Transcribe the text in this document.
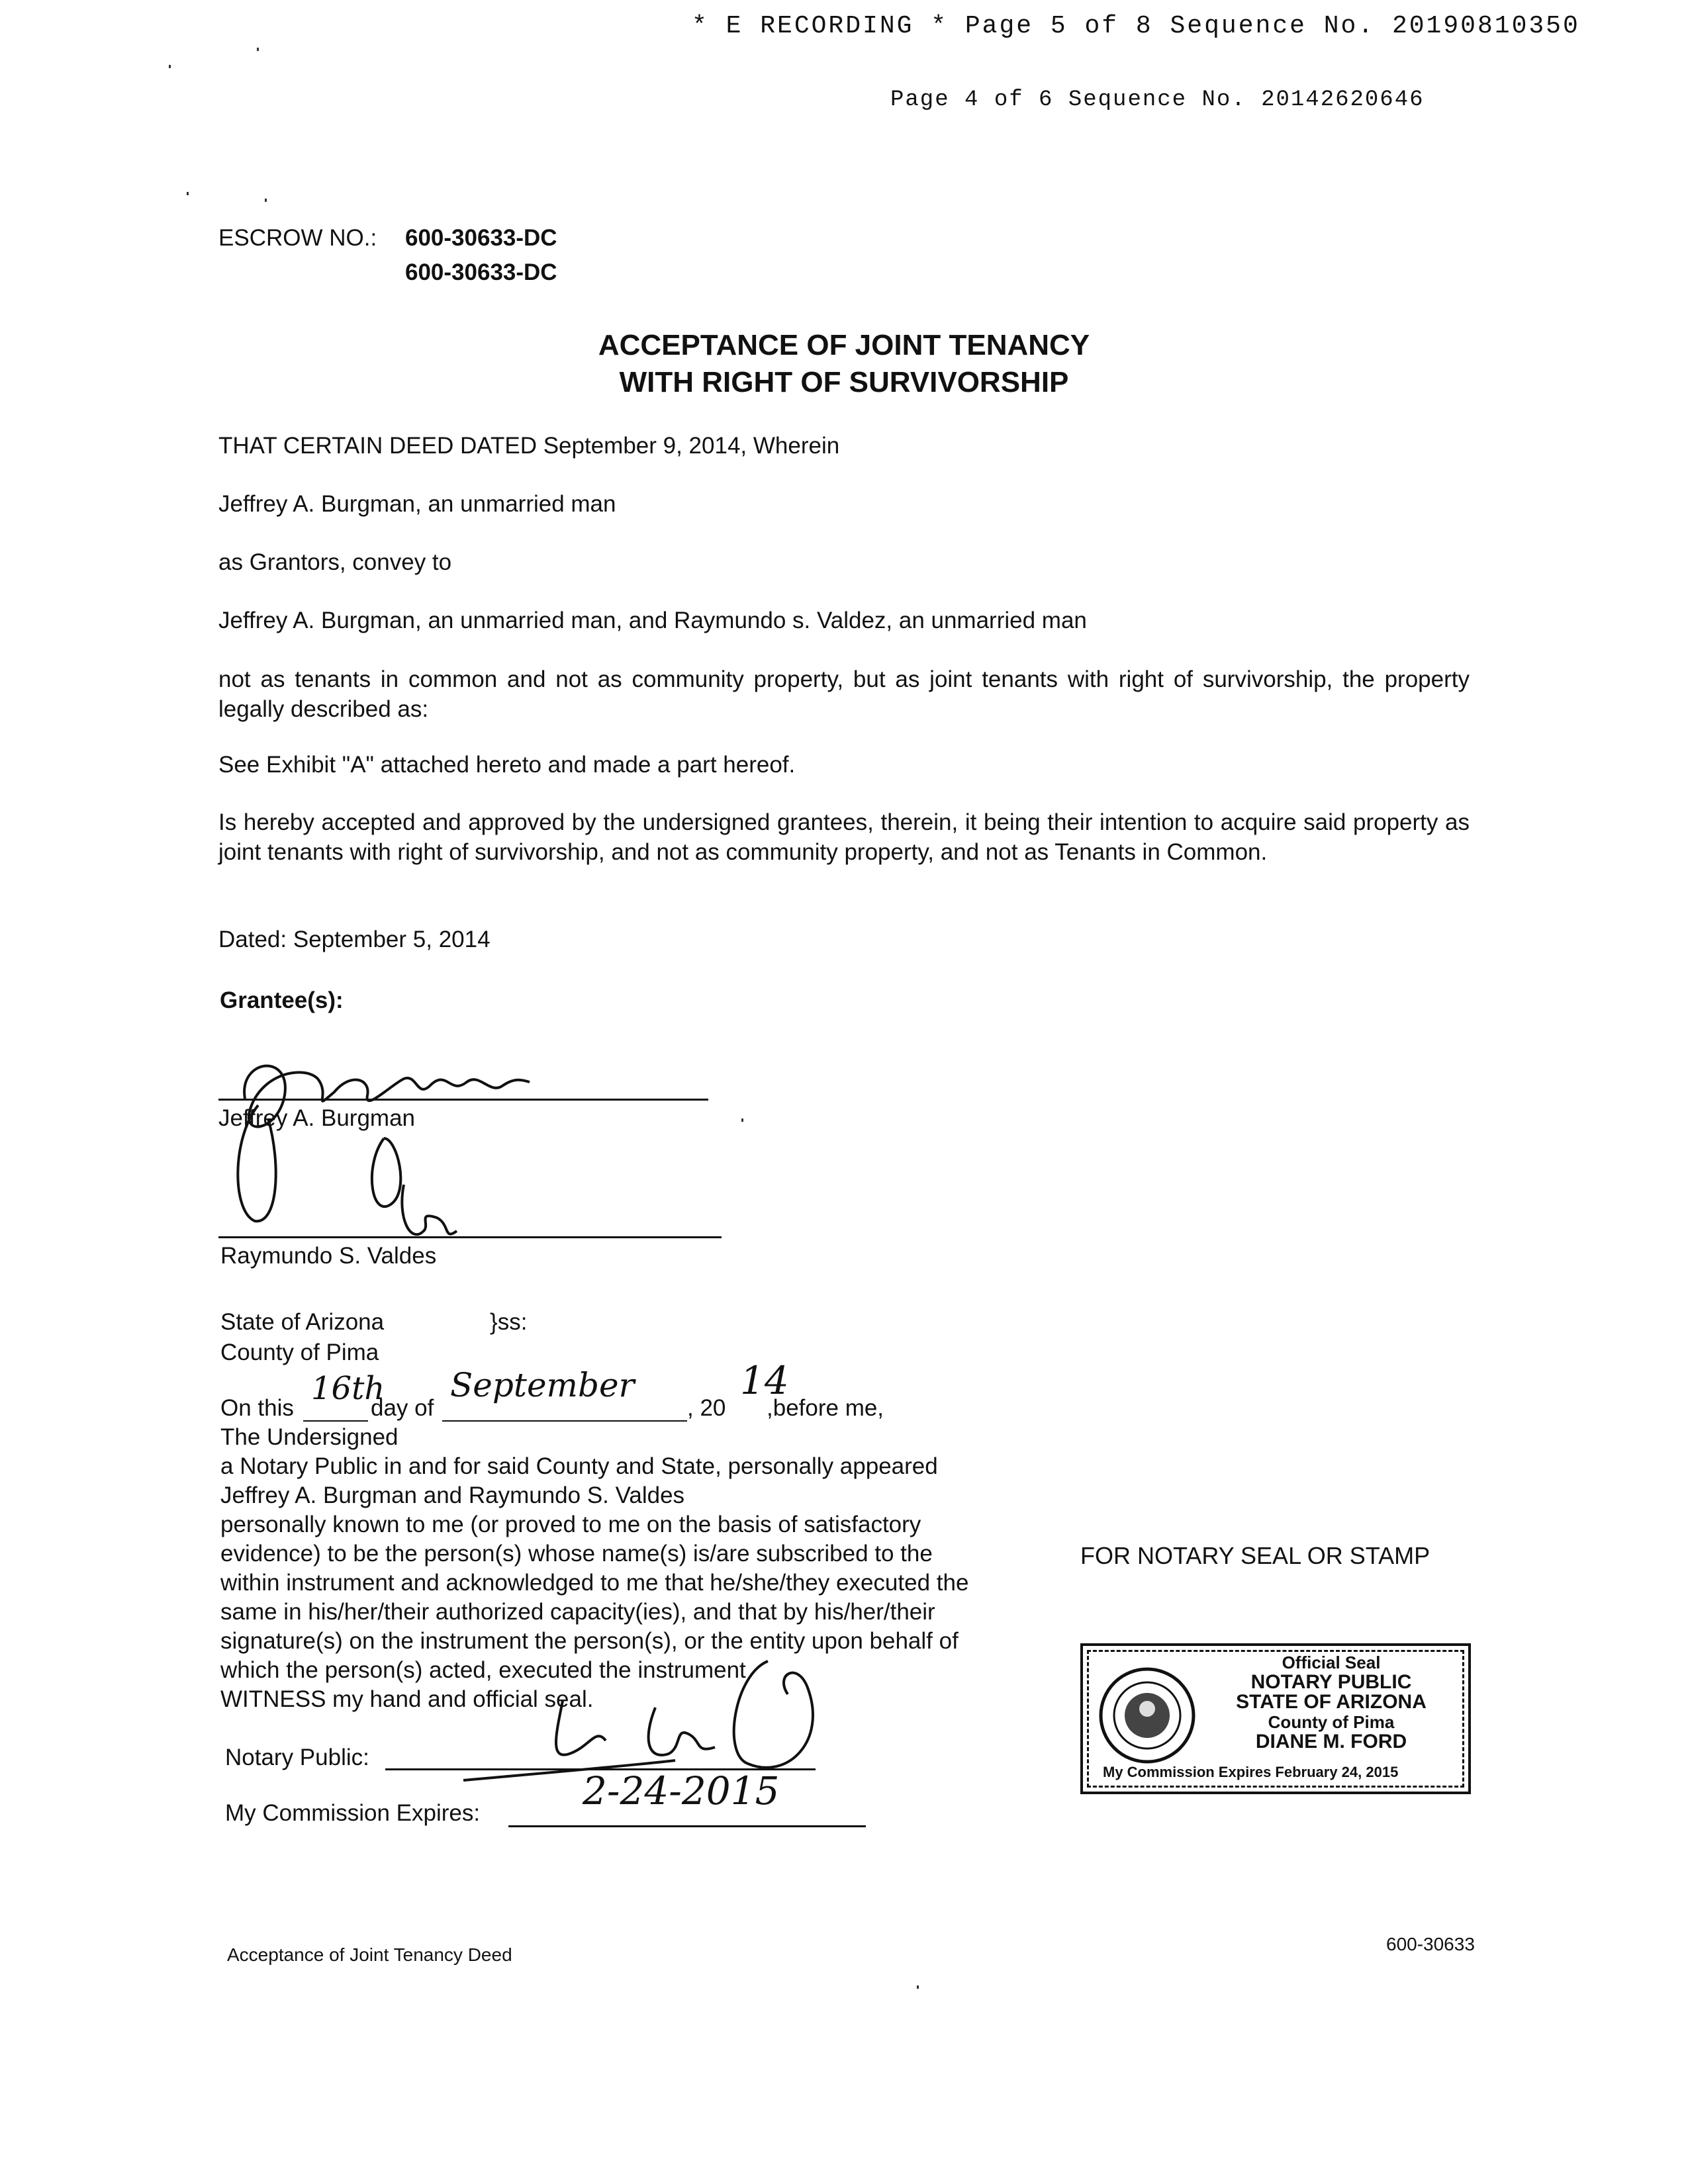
* E RECORDING * Page 5 of 8 Sequence No. 20190810350
Page 4 of 6 Sequence No. 20142620646
ESCROW NO.: 600-30633-DC
600-30633-DC
ACCEPTANCE OF JOINT TENANCY
WITH RIGHT OF SURVIVORSHIP
THAT CERTAIN DEED DATED September 9, 2014, Wherein
Jeffrey A. Burgman, an unmarried man
as Grantors, convey to
Jeffrey A. Burgman, an unmarried man, and Raymundo s. Valdez, an unmarried man
not as tenants in common and not as community property, but as joint tenants with right of survivorship, the property legally described as:
See Exhibit "A" attached hereto and made a part hereof.
Is hereby accepted and approved by the undersigned grantees, therein, it being their intention to acquire said property as joint tenants with right of survivorship, and not as community property, and not as Tenants in Common.
Dated: September 5, 2014
Grantee(s):
Jeffrey A. Burgman
Raymundo S. Valdes
State of Arizona	}ss:
County of Pima
On this
16th
day of
September
, 20
14
,before me,
The Undersigned
a Notary Public in and for said County and State, personally appeared
Jeffrey A. Burgman and Raymundo S. Valdes
personally known to me (or proved to me on the basis of satisfactory
evidence) to be the person(s) whose name(s) is/are subscribed to the
within instrument and acknowledged to me that he/she/they executed the
same in his/her/their authorized capacity(ies), and that by his/her/their
signature(s) on the instrument the person(s), or the entity upon behalf of
which the person(s) acted, executed the instrument
WITNESS my hand and official seal.
Notary Public:
My Commission Expires:	2-24-2015
FOR NOTARY SEAL OR STAMP
Official Seal
NOTARY PUBLIC
STATE OF ARIZONA
County of Pima
DIANE M. FORD
My Commission Expires February 24, 2015
Acceptance of Joint Tenancy Deed
600-30633
